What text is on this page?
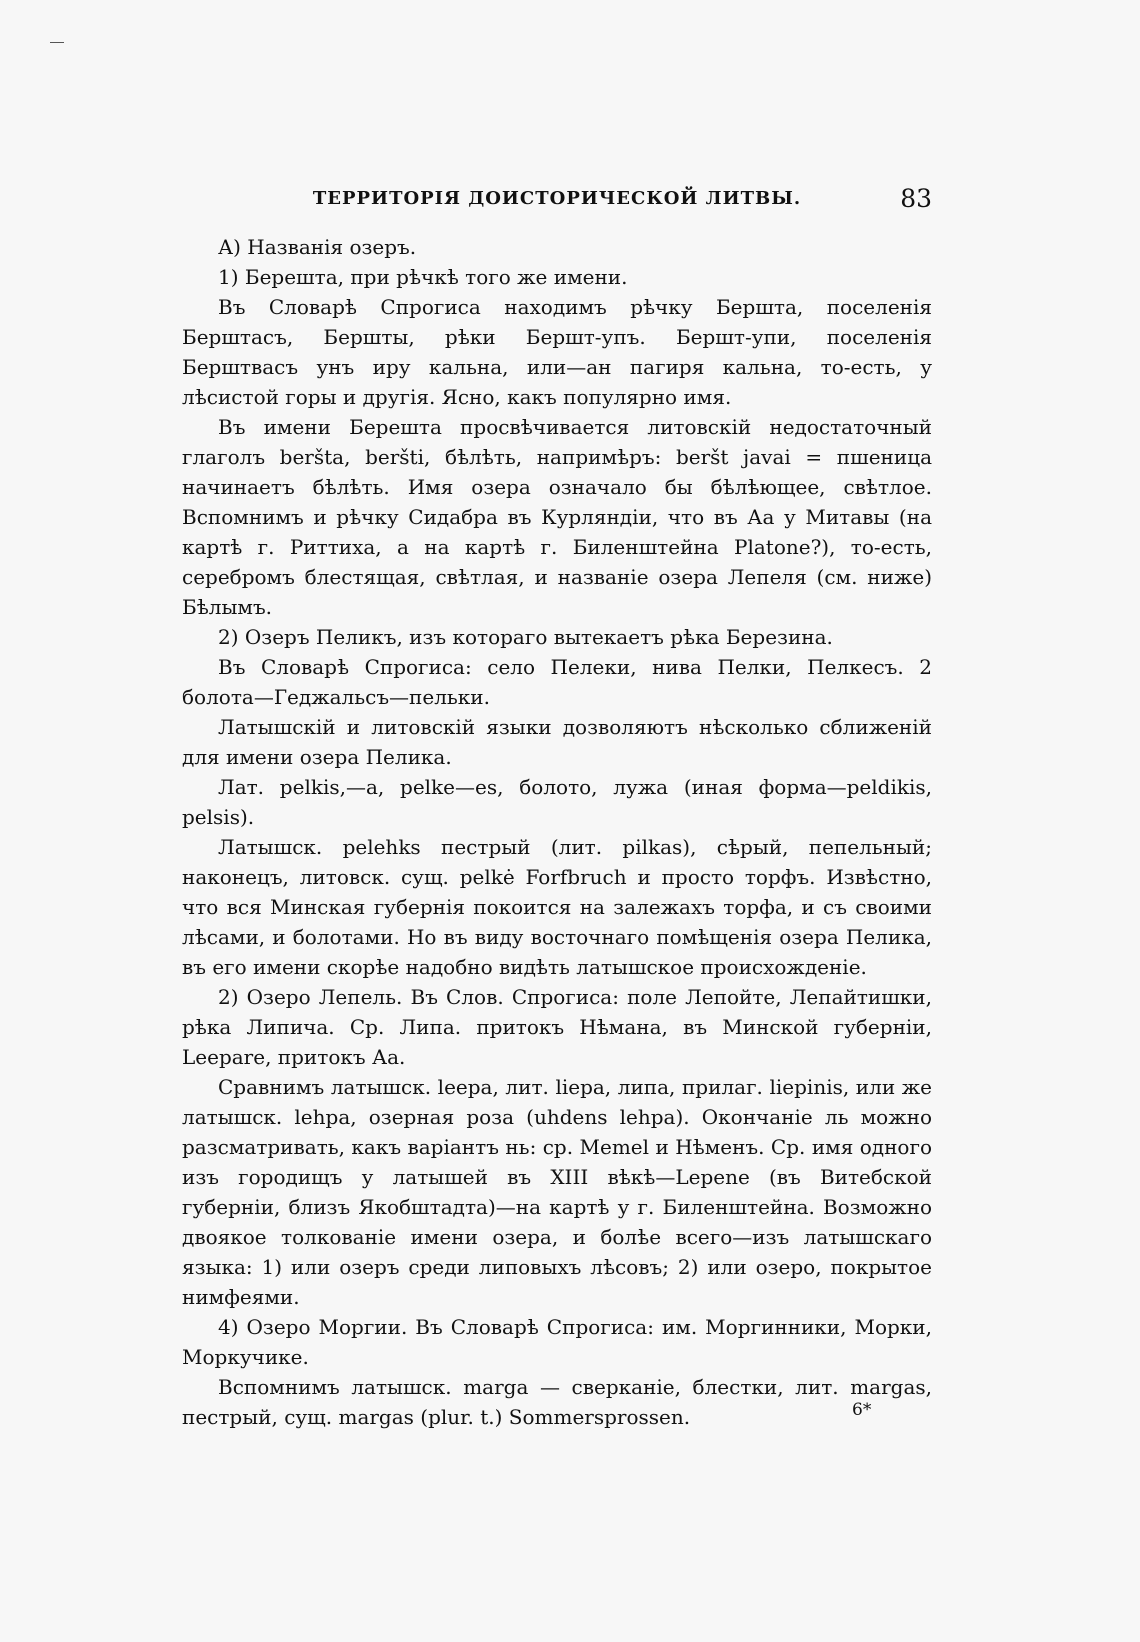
ТЕРРИТОРІЯ ДОИСТОРИЧЕСКОЙ ЛИТВЫ.	83

А) Названія озеръ.

1) Берешта, при рѣчкѣ того же имени.

Въ Словарѣ Спрогиса находимъ рѣчку Бершта, поселенія Берштасъ, Бершты, рѣки Бершт-упъ. Бершт-упи, поселенія Берштвасъ унъ иру кальна, или—ан пагиря кальна, то-есть, у лѣсистой горы и другія. Ясно, какъ популярно имя.

Въ имени Берешта просвѣчивается литовскій недостаточный глаголъ beršta, beršti, бѣлѣть, напримѣръ: beršt javai = пшеница начинаетъ бѣлѣть. Имя озера означало бы бѣлѣющее, свѣтлое. Вспомнимъ и рѣчку Сидабра въ Курляндіи, что въ Аа у Митавы (на картѣ г. Риттиха, а на картѣ г. Биленштейна Platone?), то-есть, серебромъ блестящая, свѣтлая, и названіе озера Лепеля (см. ниже) Бѣлымъ.

2) Озеръ Пеликъ, изъ котораго вытекаетъ рѣка Березина.

Въ Словарѣ Спрогиса: село Пелеки, нива Пелки, Пелкесъ. 2 болота—Геджальсъ—пельки.

Латышскій и литовскій языки дозволяютъ нѣсколько сближеній для имени озера Пелика.

Лат. pelkis,—а, pelke—es, болото, лужа (иная форма—peldikis, pelsis).

Латышск. pelehks пестрый (лит. pilkas), сѣрый, пепельный; наконецъ, литовск. сущ. pelkė Forfbruch и просто торфъ. Извѣстно, что вся Минская губернія покоится на залежахъ торфа, и съ своими лѣсами, и болотами. Но въ виду восточнаго помѣщенія озера Пелика, въ его имени скорѣе надобно видѣть латышское происхожденіе.

2) Озеро Лепель. Въ Слов. Спрогиса: поле Лепойте, Лепайтишки, рѣка Липича. Ср. Липа. притокъ Нѣмана, въ Минской губерніи, Leepare, притокъ Аа.

Сравнимъ латышск. leepa, лит. liepa, липа, прилаг. liepinis, или же латышск. lehpa, озерная роза (uhdens lehpa). Окончаніе ль можно разсматривать, какъ варіантъ нь: ср. Memel и Нѣменъ. Ср. имя одного изъ городищъ у латышей въ XIII вѣкѣ—Lepene (въ Витебской губерніи, близъ Якобштадта)—на картѣ у г. Биленштейна. Возможно двоякое толкованіе имени озера, и болѣе всего—изъ латышскаго языка: 1) или озеръ среди липовыхъ лѣсовъ; 2) или озеро, покрытое нимфеями.

4) Озеро Моргии. Въ Словарѣ Спрогиса: им. Моргинники, Морки, Моркучике.

Вспомнимъ латышск. marga — сверканіе, блестки, лит. margas, пестрый, сущ. margas (plur. t.) Sommersprossen.	6*
